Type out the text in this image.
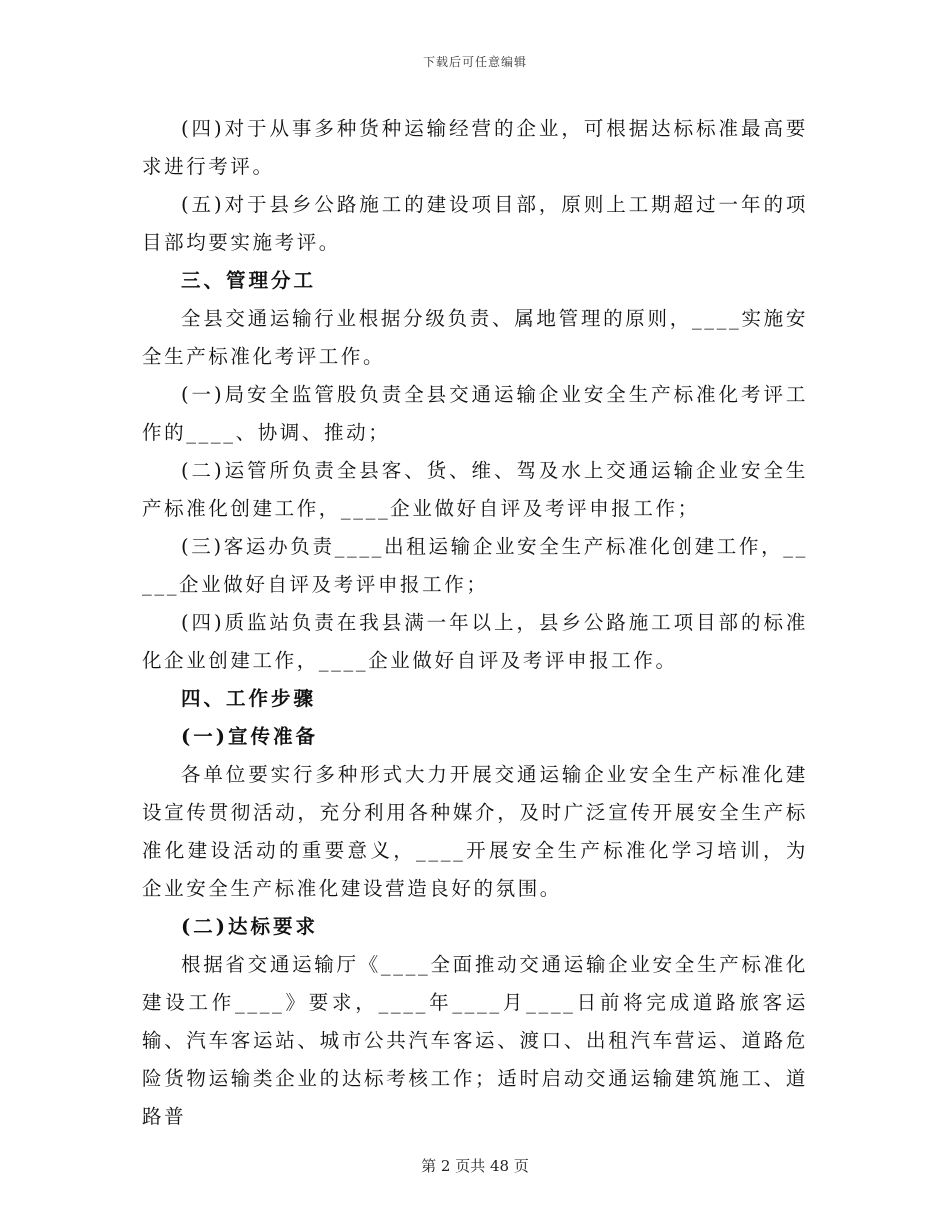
下载后可任意编辑

(四)对于从事多种货种运输经营的企业，可根据达标标准最高要求进行考评。

(五)对于县乡公路施工的建设项目部，原则上工期超过一年的项目部均要实施考评。

三、管理分工

全县交通运输行业根据分级负责、属地管理的原则，____实施安全生产标准化考评工作。

(一)局安全监管股负责全县交通运输企业安全生产标准化考评工作的____、协调、推动；

(二)运管所负责全县客、货、维、驾及水上交通运输企业安全生产标准化创建工作，____企业做好自评及考评申报工作；

(三)客运办负责____出租运输企业安全生产标准化创建工作，_____企业做好自评及考评申报工作；

(四)质监站负责在我县满一年以上，县乡公路施工项目部的标准化企业创建工作，____企业做好自评及考评申报工作。

四、工作步骤

(一)宣传准备

各单位要实行多种形式大力开展交通运输企业安全生产标准化建设宣传贯彻活动，充分利用各种媒介，及时广泛宣传开展安全生产标准化建设活动的重要意义，____开展安全生产标准化学习培训，为企业安全生产标准化建设营造良好的氛围。

(二)达标要求

根据省交通运输厅《____全面推动交通运输企业安全生产标准化建设工作____》要求，____年____月____日前将完成道路旅客运输、汽车客运站、城市公共汽车客运、渡口、出租汽车营运、道路危险货物运输类企业的达标考核工作；适时启动交通运输建筑施工、道路普

第 2 页共 48 页
